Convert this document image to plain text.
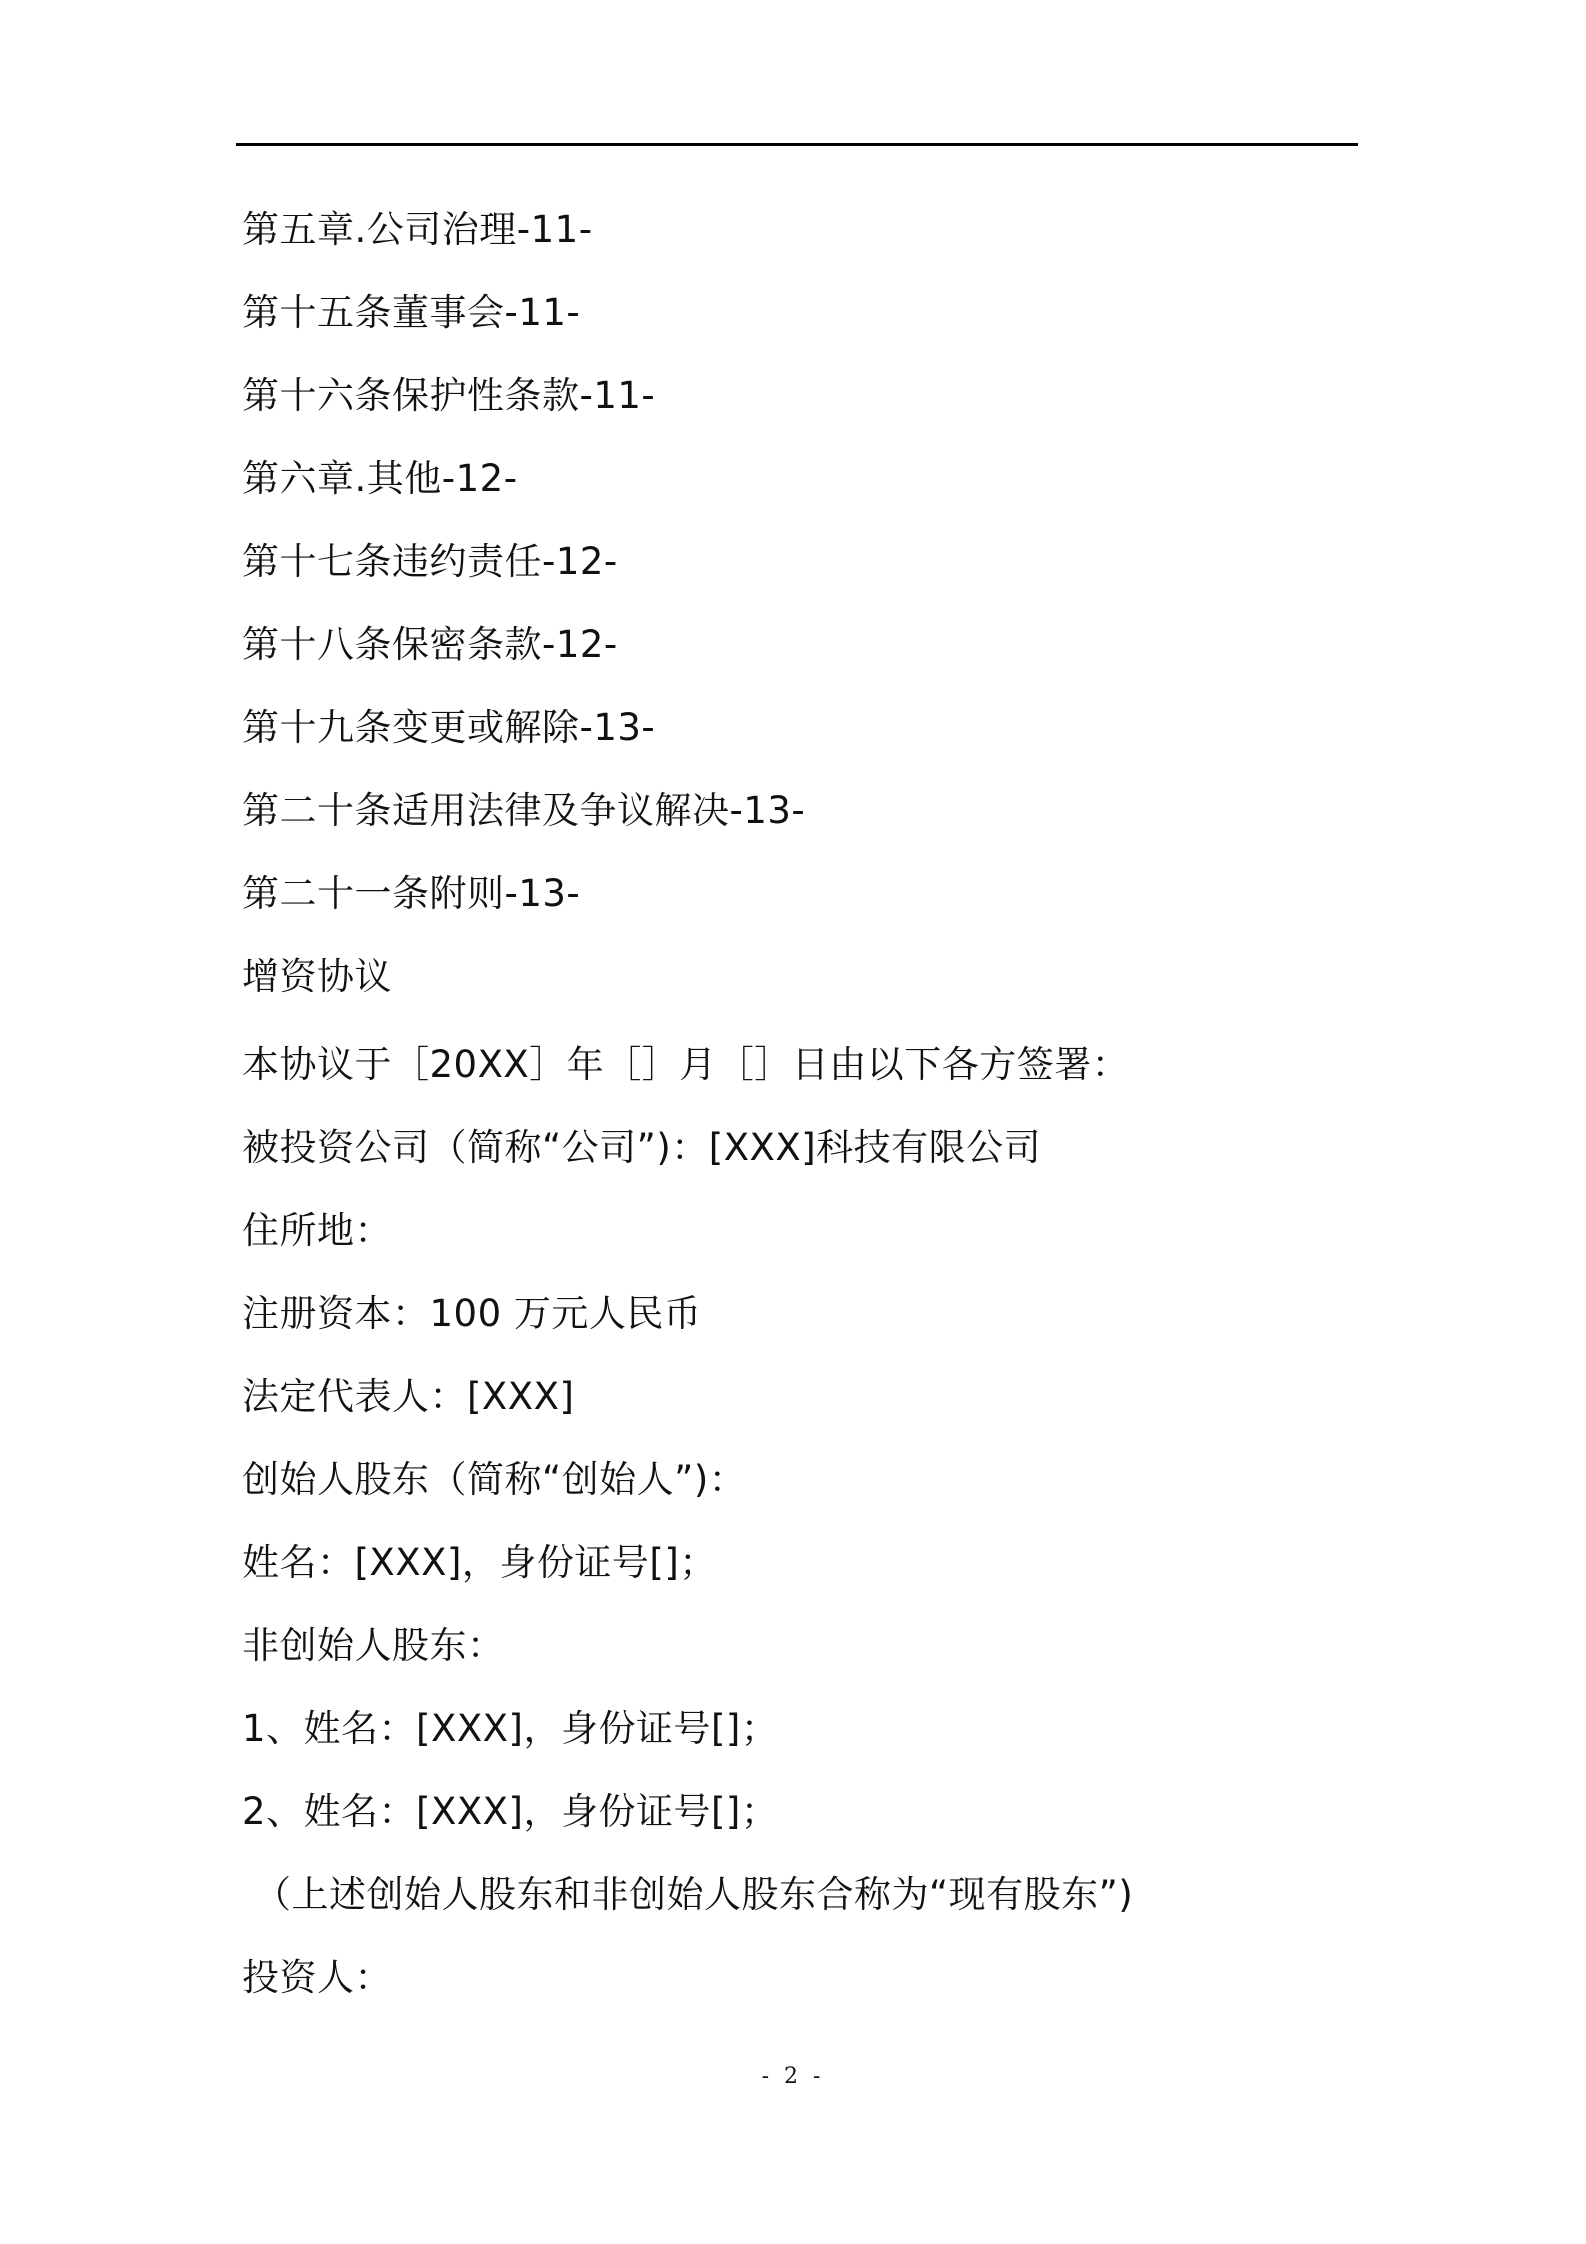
第五章.公司治理-11-
第十五条董事会-11-
第十六条保护性条款-11-
第六章.其他-12-
第十七条违约责任-12-
第十八条保密条款-12-
第十九条变更或解除-13-
第二十条适用法律及争议解决-13-
第二十一条附则-13-
增资协议
本协议于［20XX］年［］月［］日由以下各方签署：
被投资公司（简称“公司”)：[XXX]科技有限公司
住所地：
注册资本：100 万元人民币
法定代表人：[XXX]
创始人股东（简称“创始人”)：
姓名：[XXX]，身份证号[]；
非创始人股东：
1、姓名：[XXX]，身份证号[]；
2、姓名：[XXX]，身份证号[]；
（上述创始人股东和非创始人股东合称为“现有股东”)
投资人：
- 2 -
